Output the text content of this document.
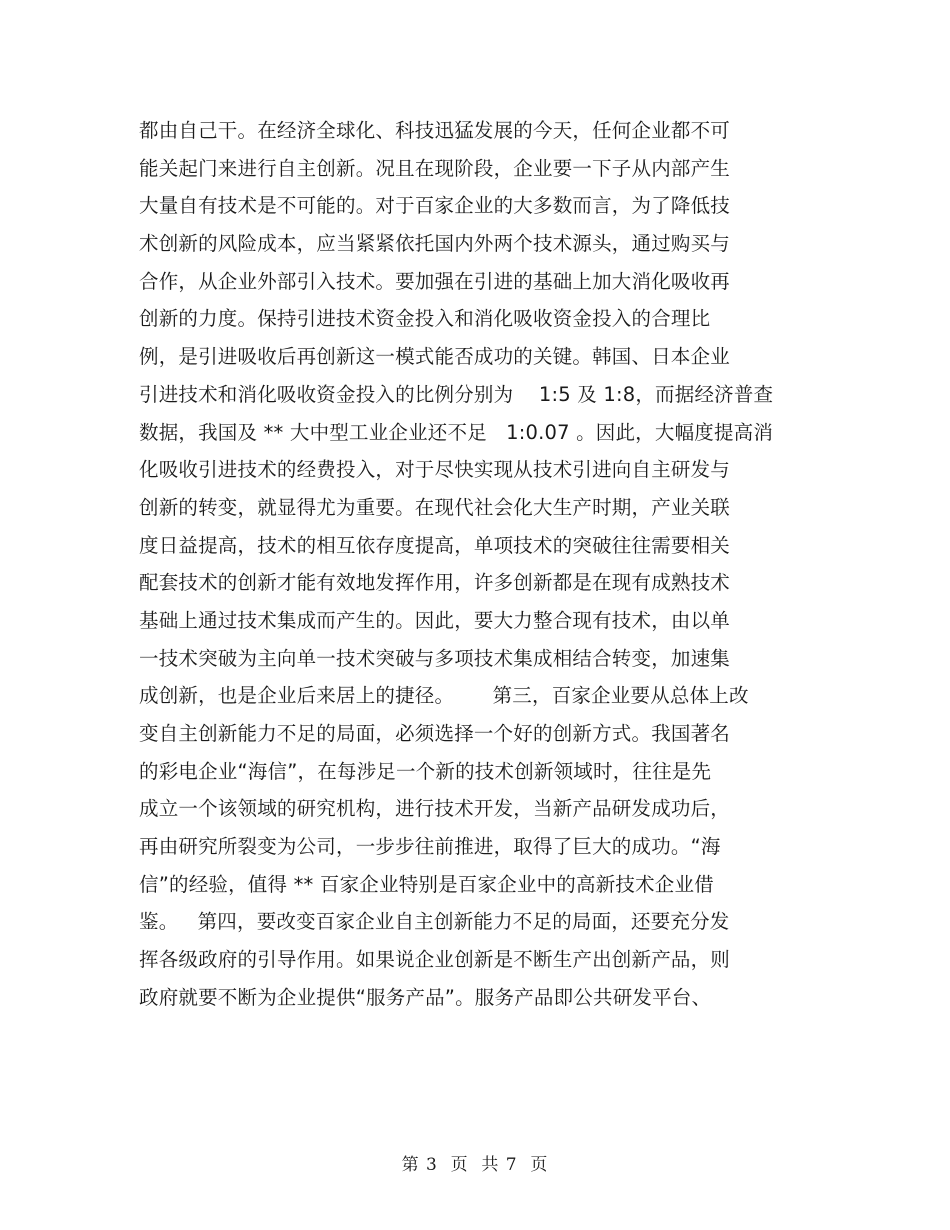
都由自己干。在经济全球化、科技迅猛发展的今天，任何企业都不可
能关起门来进行自主创新。况且在现阶段，企业要一下子从内部产生
大量自有技术是不可能的。对于百家企业的大多数而言，为了降低技
术创新的风险成本，应当紧紧依托国内外两个技术源头，通过购买与
合作，从企业外部引入技术。要加强在引进的基础上加大消化吸收再
创新的力度。保持引进技术资金投入和消化吸收资金投入的合理比
例，是引进吸收后再创新这一模式能否成功的关键。韩国、日本企业
引进技术和消化吸收资金投入的比例分别为    1:5 及 1:8，而据经济普查
数据，我国及 ** 大中型工业企业还不足   1:0.07 。因此，大幅度提高消
化吸收引进技术的经费投入，对于尽快实现从技术引进向自主研发与
创新的转变，就显得尤为重要。在现代社会化大生产时期，产业关联
度日益提高，技术的相互依存度提高，单项技术的突破往往需要相关
配套技术的创新才能有效地发挥作用，许多创新都是在现有成熟技术
基础上通过技术集成而产生的。因此，要大力整合现有技术，由以单
一技术突破为主向单一技术突破与多项技术集成相结合转变，加速集
成创新，也是企业后来居上的捷径。      第三，百家企业要从总体上改
变自主创新能力不足的局面，必须选择一个好的创新方式。我国著名
的彩电企业“海信”，在每涉足一个新的技术创新领域时，往往是先
成立一个该领域的研究机构，进行技术开发，当新产品研发成功后，
再由研究所裂变为公司，一步步往前推进，取得了巨大的成功。“海
信”的经验，值得 ** 百家企业特别是百家企业中的高新技术企业借
鉴。   第四，要改变百家企业自主创新能力不足的局面，还要充分发
挥各级政府的引导作用。如果说企业创新是不断生产出创新产品，则
政府就要不断为企业提供“服务产品”。服务产品即公共研发平台、
第 3  页  共 7  页
